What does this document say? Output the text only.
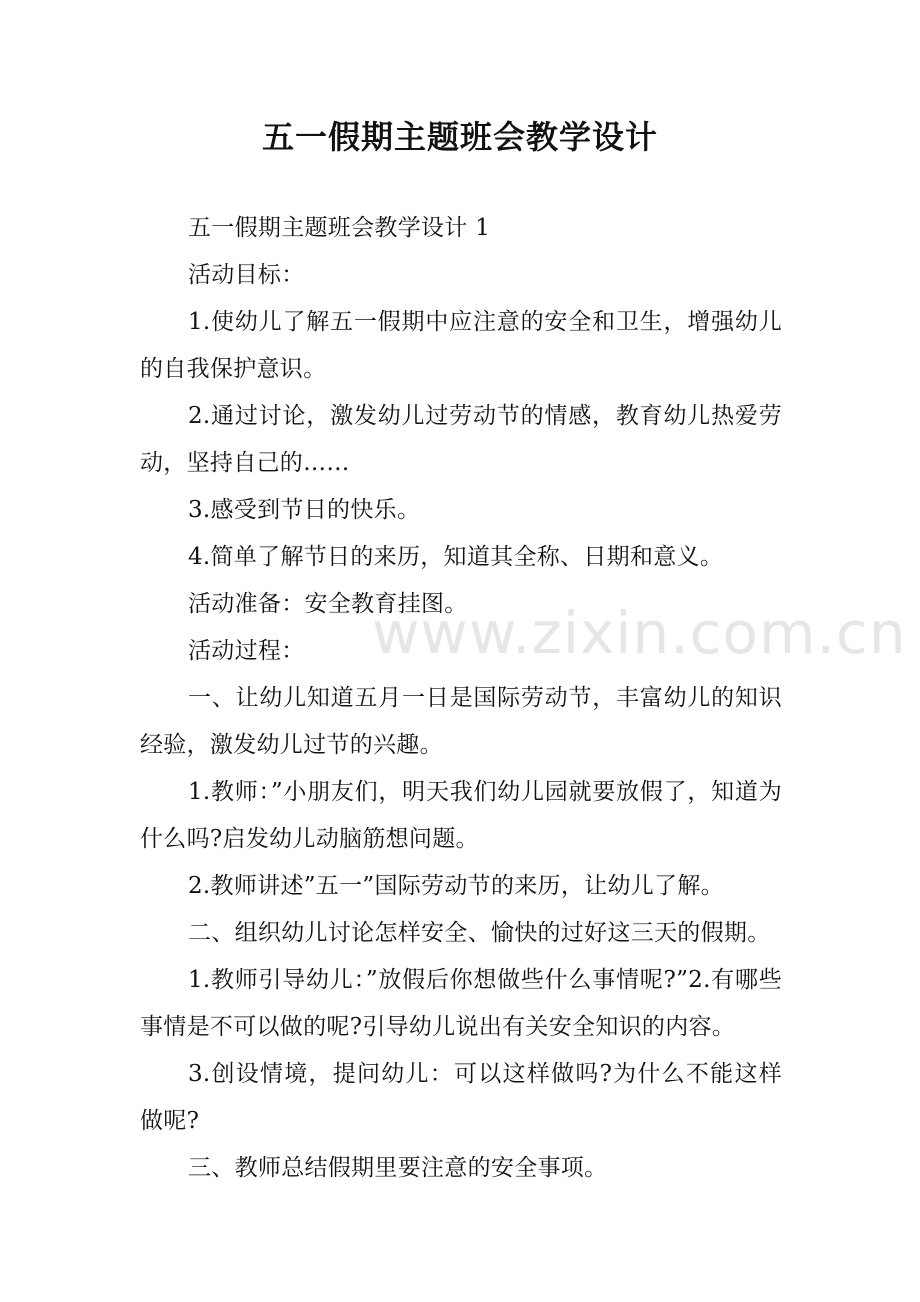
五一假期主题班会教学设计

五一假期主题班会教学设计 1

活动目标：

1.使幼儿了解五一假期中应注意的安全和卫生，增强幼儿的自我保护意识。

2.通过讨论，激发幼儿过劳动节的情感，教育幼儿热爱劳动，坚持自己的……

3.感受到节日的快乐。

4.简单了解节日的来历，知道其全称、日期和意义。

活动准备：安全教育挂图。

活动过程：

一、让幼儿知道五月一日是国际劳动节，丰富幼儿的知识经验，激发幼儿过节的兴趣。

1.教师：”小朋友们，明天我们幼儿园就要放假了，知道为什么吗?启发幼儿动脑筋想问题。

2.教师讲述”五一”国际劳动节的来历，让幼儿了解。

二、组织幼儿讨论怎样安全、愉快的过好这三天的假期。

1.教师引导幼儿：”放假后你想做些什么事情呢?”2.有哪些事情是不可以做的呢?引导幼儿说出有关安全知识的内容。

3.创设情境，提问幼儿：可以这样做吗?为什么不能这样做呢?

三、教师总结假期里要注意的安全事项。

www.zixin.com.cn
